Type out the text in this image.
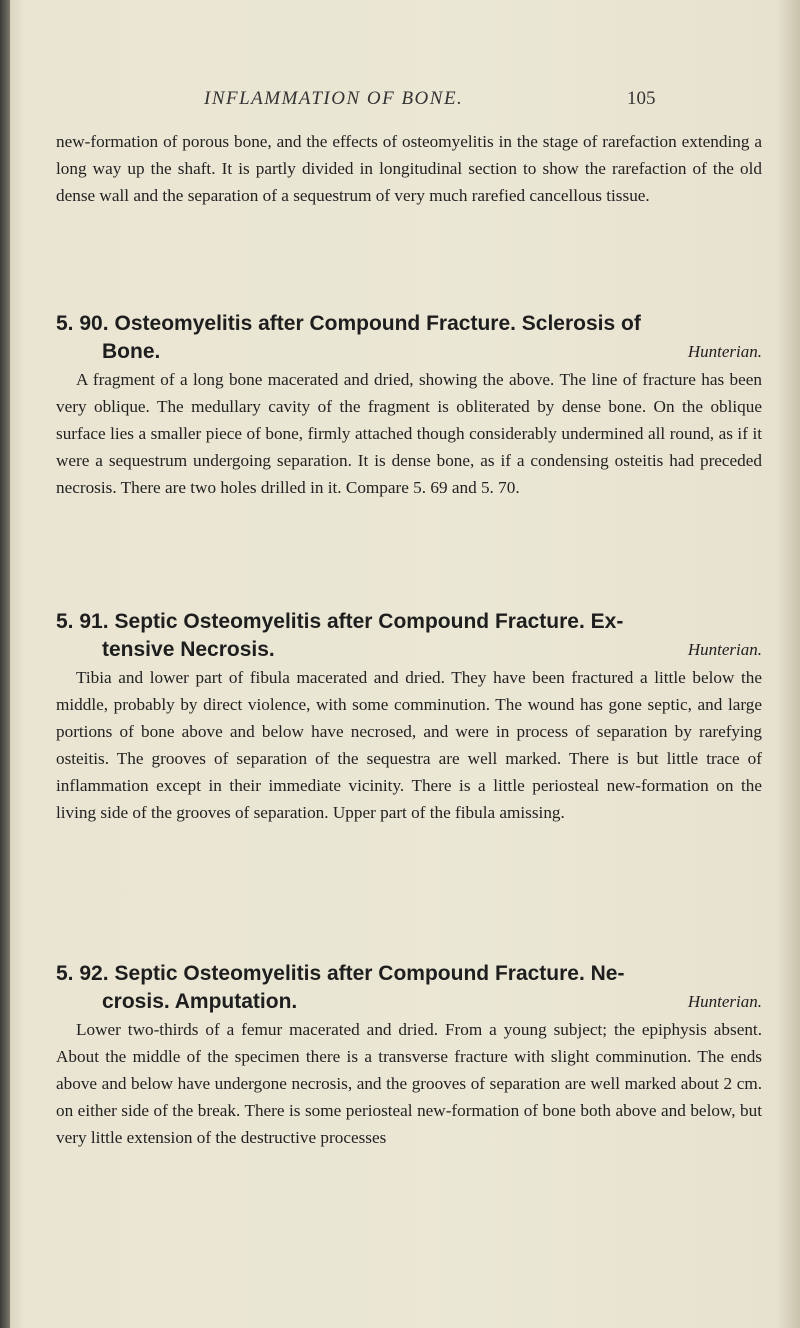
INFLAMMATION OF BONE.	105

new-formation of porous bone, and the effects of osteomyelitis in the stage of rarefaction extending a long way up the shaft. It is partly divided in longitudinal section to show the rarefaction of the old dense wall and the separation of a sequestrum of very much rarefied cancellous tissue.

5. 90. Osteomyelitis after Compound Fracture. Sclerosis of
Bone.	Hunterian.

A fragment of a long bone macerated and dried, showing the above. The line of fracture has been very oblique. The medullary cavity of the fragment is obliterated by dense bone. On the oblique surface lies a smaller piece of bone, firmly attached though considerably undermined all round, as if it were a sequestrum undergoing separation. It is dense bone, as if a condensing osteitis had preceded necrosis. There are two holes drilled in it. Compare 5. 69 and 5. 70.

5. 91. Septic Osteomyelitis after Compound Fracture. Ex-
tensive Necrosis.	Hunterian.

Tibia and lower part of fibula macerated and dried. They have been fractured a little below the middle, probably by direct violence, with some comminution. The wound has gone septic, and large portions of bone above and below have necrosed, and were in process of separation by rarefying osteitis. The grooves of separation of the sequestra are well marked. There is but little trace of inflammation except in their immediate vicinity. There is a little periosteal new-formation on the living side of the grooves of separation. Upper part of the fibula amissing.

5. 92. Septic Osteomyelitis after Compound Fracture. Ne-
crosis. Amputation.	Hunterian.

Lower two-thirds of a femur macerated and dried. From a young subject; the epiphysis absent. About the middle of the specimen there is a transverse fracture with slight comminution. The ends above and below have undergone necrosis, and the grooves of separation are well marked about 2 cm. on either side of the break. There is some periosteal new-formation of bone both above and below, but very little extension of the destructive processes
